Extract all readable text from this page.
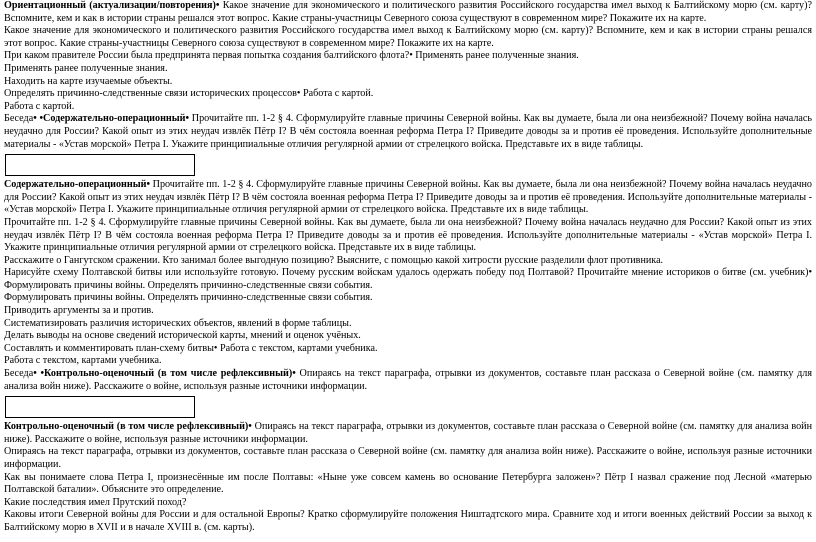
Ориентационный (актуализации/повторения)• Какое значение для экономического и политического развития Российского государства имел выход к Балтийскому морю (см. карту)? Вспомните, кем и как в истории страны решался этот вопрос. Какие страны-участницы Северного союза существуют в современном мире? Покажите их на карте.

Какое значение для экономического и политического развития Российского государства имел выход к Балтийскому морю (см. карту)? Вспомните, кем и как в истории страны решался этот вопрос. Какие страны-участницы Северного союза существуют в современном мире? Покажите их на карте.

При каком правителе России была предпринята первая попытка создания балтийского флота?• Применять ранее полученные знания.

Применять ранее полученные знания.

Находить на карте изучаемые объекты.

Определять причинно-следственные связи исторических процессов• Работа с картой.

Работа с картой.

Беседа• •Содержательно-операционный• Прочитайте пп. 1-2 § 4. Сформулируйте главные причины Северной войны. Как вы думаете, была ли она неизбежной? Почему война началась неудачно для России? Какой опыт из этих неудач извлёк Пётр I? В чём состояла военная реформа Петра I? Приведите доводы за и против её проведения. Используйте дополнительные материалы - «Устав морской» Петра I. Укажите принципиальные отличия регулярной армии от стрелецкого войска. Представьте их в виде таблицы.

Содержательно-операционный• Прочитайте пп. 1-2 § 4. Сформулируйте главные причины Северной войны. Как вы думаете, была ли она неизбежной? Почему война началась неудачно для России? Какой опыт из этих неудач извлёк Пётр I? В чём состояла военная реформа Петра I? Приведите доводы за и против её проведения. Используйте дополнительные материалы - «Устав морской» Петра I. Укажите принципиальные отличия регулярной армии от стрелецкого войска. Представьте их в виде таблицы.

Прочитайте пп. 1-2 § 4. Сформулируйте главные причины Северной войны. Как вы думаете, была ли она неизбежной? Почему война началась неудачно для России? Какой опыт из этих неудач извлёк Пётр I? В чём состояла военная реформа Петра I? Приведите доводы за и против её проведения. Используйте дополнительные материалы - «Устав морской» Петра I. Укажите принципиальные отличия регулярной армии от стрелецкого войска. Представьте их в виде таблицы.

Расскажите о Гангутском сражении. Кто занимал более выгодную позицию? Выясните, с помощью какой хитрости русские разделили флот противника.

Нарисуйте схему Полтавской битвы или используйте готовую. Почему русским войскам удалось одержать победу под Полтавой? Прочитайте мнение историков о битве (см. учебник)• Формулировать причины войны. Определять причинно-следственные связи события.

Формулировать причины войны. Определять причинно-следственные связи события.

Приводить аргументы за и против.

Систематизировать различия исторических объектов, явлений в форме таблицы.

Делать выводы на основе сведений исторической карты, мнений и оценок учёных.

Составлять и комментировать план-схему битвы• Работа с текстом, картами учебника.

Работа с текстом, картами учебника.

Беседа• •Контрольно-оценочный (в том числе рефлексивный)• Опираясь на текст параграфа, отрывки из документов, составьте план рассказа о Северной войне (см. памятку для анализа войн ниже). Расскажите о войне, используя разные источники информации.

Контрольно-оценочный (в том числе рефлексивный)• Опираясь на текст параграфа, отрывки из документов, составьте план рассказа о Северной войне (см. памятку для анализа войн ниже). Расскажите о войне, используя разные источники информации.

Опираясь на текст параграфа, отрывки из документов, составьте план рассказа о Северной войне (см. памятку для анализа войн ниже). Расскажите о войне, используя разные источники информации.

Как вы понимаете слова Петра I, произнесённые им после Полтавы: «Ныне уже совсем камень во основание Петербурга заложен»? Пётр I назвал сражение под Лесной «матерью Полтавской баталии». Объясните это определение.

Какие последствия имел Прутский поход?

Каковы итоги Северной войны для России и для остальной Европы? Кратко сформулируйте положения Ништадтского мира. Сравните ход и итоги военных действий России за выход к Балтийскому морю в XVII и в начале XVIII в. (см. карты).
